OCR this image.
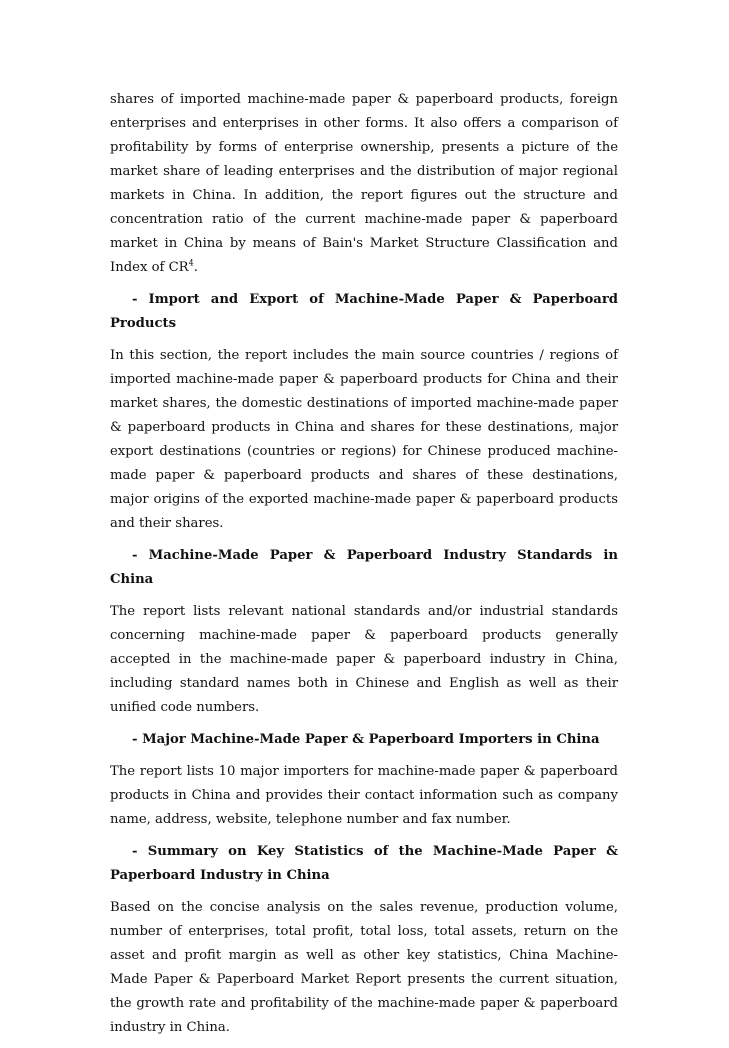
shares of imported machine-made paper & paperboard products, foreign enterprises and enterprises in other forms. It also offers a comparison of profitability by forms of enterprise ownership, presents a picture of the market share of leading enterprises and the distribution of major regional markets in China. In addition, the report figures out the structure and concentration ratio of the current machine-made paper & paperboard market in China by means of Bain's Market Structure Classification and Index of $CR^4$.

- Import and Export of Machine-Made Paper & Paperboard Products

In this section, the report includes the main source countries / regions of imported machine-made paper & paperboard products for China and their market shares, the domestic destinations of imported machine-made paper & paperboard products in China and shares for these destinations, major export destinations (countries or regions) for Chinese produced machine-made paper & paperboard products and shares of these destinations, major origins of the exported machine-made paper & paperboard products and their shares.

- Machine-Made Paper & Paperboard Industry Standards in China

The report lists relevant national standards and/or industrial standards concerning machine-made paper & paperboard products generally accepted in the machine-made paper & paperboard industry in China, including standard names both in Chinese and English as well as their unified code numbers.

- Major Machine-Made Paper & Paperboard Importers in China

The report lists 10 major importers for machine-made paper & paperboard products in China and provides their contact information such as company name, address, website, telephone number and fax number.

- Summary on Key Statistics of the Machine-Made Paper & Paperboard Industry in China

Based on the concise analysis on the sales revenue, production volume, number of enterprises, total profit, total loss, total assets, return on the asset and profit margin as well as other key statistics, China Machine-Made Paper & Paperboard Market Report presents the current situation, the growth rate and profitability of the machine-made paper & paperboard industry in China.
